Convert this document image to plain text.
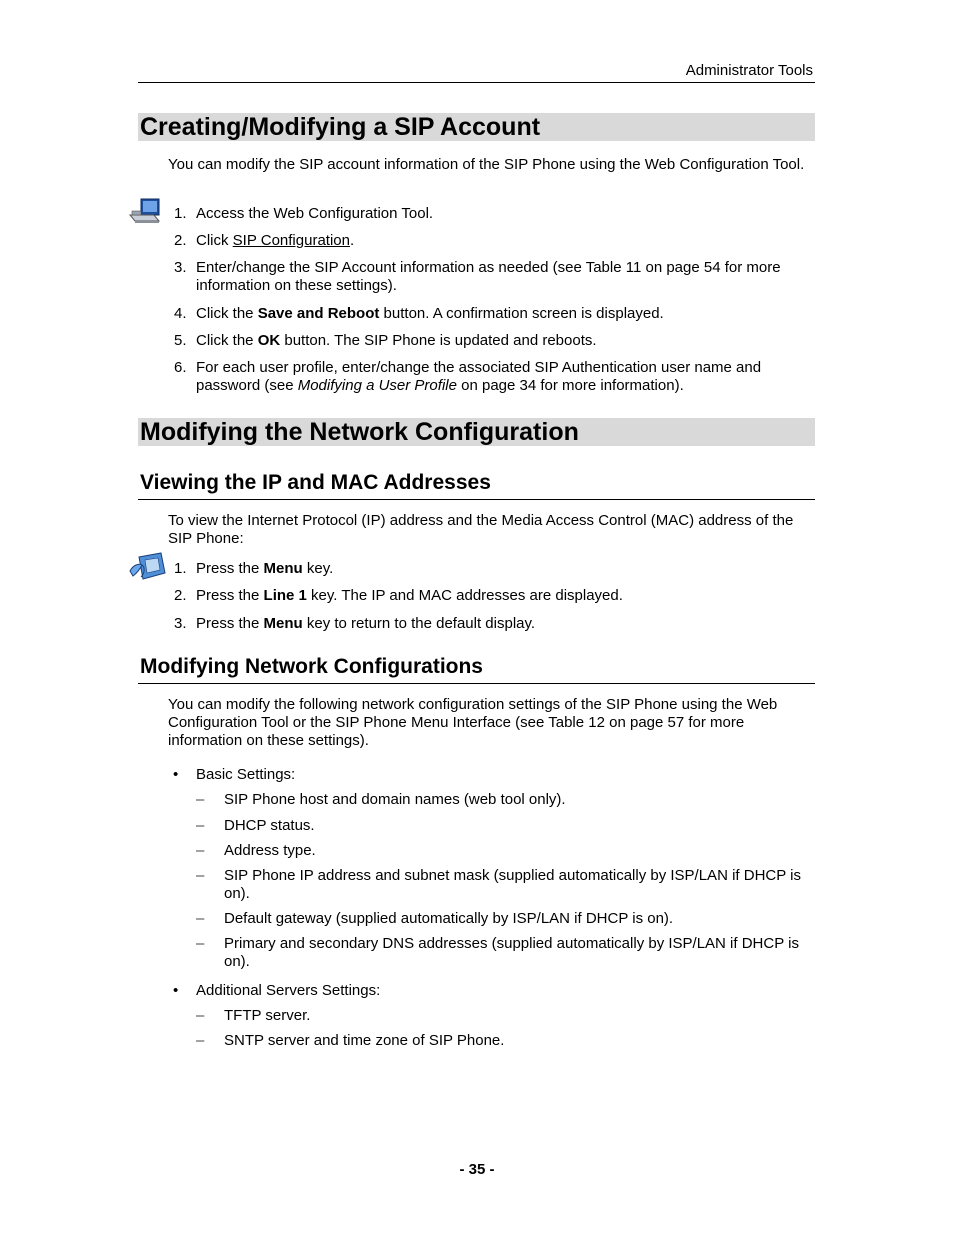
Administrator Tools
Creating/Modifying a SIP Account
You can modify the SIP account information of the SIP Phone using the Web Configuration Tool.
1. Access the Web Configuration Tool.
2. Click SIP Configuration.
3. Enter/change the SIP Account information as needed (see Table 11 on page 54 for more information on these settings).
4. Click the Save and Reboot button. A confirmation screen is displayed.
5. Click the OK button. The SIP Phone is updated and reboots.
6. For each user profile, enter/change the associated SIP Authentication user name and password (see Modifying a User Profile on page 34 for more information).
Modifying the Network Configuration
Viewing the IP and MAC Addresses
To view the Internet Protocol (IP) address and the Media Access Control (MAC) address of the SIP Phone:
1. Press the Menu key.
2. Press the Line 1 key. The IP and MAC addresses are displayed.
3. Press the Menu key to return to the default display.
Modifying Network Configurations
You can modify the following network configuration settings of the SIP Phone using the Web Configuration Tool or the SIP Phone Menu Interface (see Table 12 on page 57 for more information on these settings).
• Basic Settings:
– SIP Phone host and domain names (web tool only).
– DHCP status.
– Address type.
– SIP Phone IP address and subnet mask (supplied automatically by ISP/LAN if DHCP is on).
– Default gateway (supplied automatically by ISP/LAN if DHCP is on).
– Primary and secondary DNS addresses (supplied automatically by ISP/LAN if DHCP is on).
• Additional Servers Settings:
– TFTP server.
– SNTP server and time zone of SIP Phone.
- 35 -
